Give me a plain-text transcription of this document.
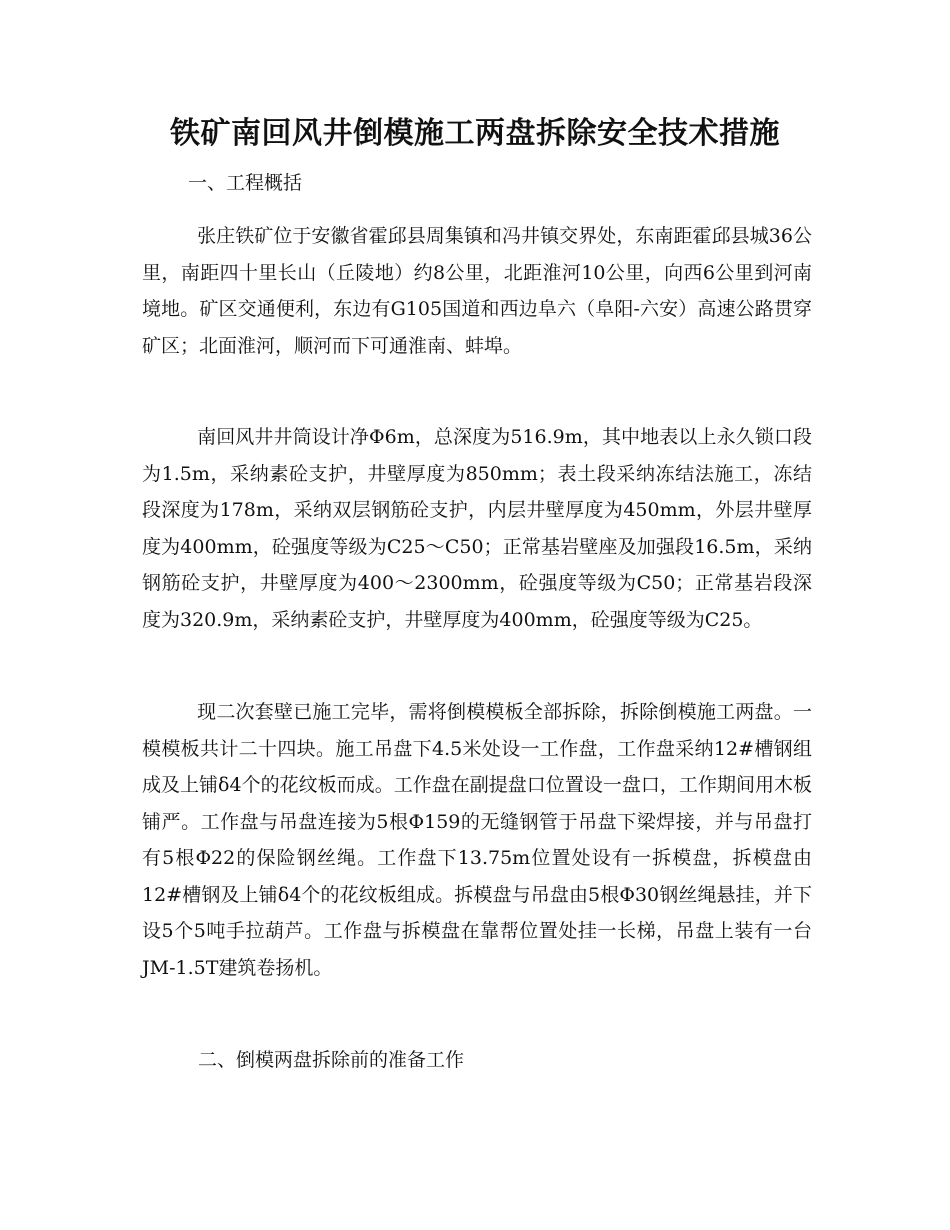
铁矿南回风井倒模施工两盘拆除安全技术措施
一、工程概括

张庄铁矿位于安徽省霍邱县周集镇和冯井镇交界处，东南距霍邱县城36公里，南距四十里长山（丘陵地）约8公里，北距淮河10公里，向西6公里到河南境地。矿区交通便利，东边有G105国道和西边阜六（阜阳-六安）高速公路贯穿矿区；北面淮河，顺河而下可通淮南、蚌埠。

南回风井井筒设计净Φ6m，总深度为516.9m，其中地表以上永久锁口段为1.5m，采纳素砼支护，井壁厚度为850mm；表土段采纳冻结法施工，冻结段深度为178m，采纳双层钢筋砼支护，内层井壁厚度为450mm，外层井壁厚度为400mm，砼强度等级为C25～C50；正常基岩壁座及加强段16.5m，采纳钢筋砼支护，井壁厚度为400～2300mm，砼强度等级为C50；正常基岩段深度为320.9m，采纳素砼支护，井壁厚度为400mm，砼强度等级为C25。

现二次套壁已施工完毕，需将倒模模板全部拆除，拆除倒模施工两盘。一模模板共计二十四块。施工吊盘下4.5米处设一工作盘，工作盘采纳12#槽钢组成及上铺δ4个的花纹板而成。工作盘在副提盘口位置设一盘口，工作期间用木板铺严。工作盘与吊盘连接为5根Φ159的无缝钢管于吊盘下梁焊接，并与吊盘打有5根Φ22的保险钢丝绳。工作盘下13.75m位置处设有一拆模盘，拆模盘由12#槽钢及上铺δ4个的花纹板组成。拆模盘与吊盘由5根Φ30钢丝绳悬挂，并下设5个5吨手拉葫芦。工作盘与拆模盘在靠帮位置处挂一长梯，吊盘上装有一台JM-1.5T建筑卷扬机。

二、倒模两盘拆除前的准备工作
